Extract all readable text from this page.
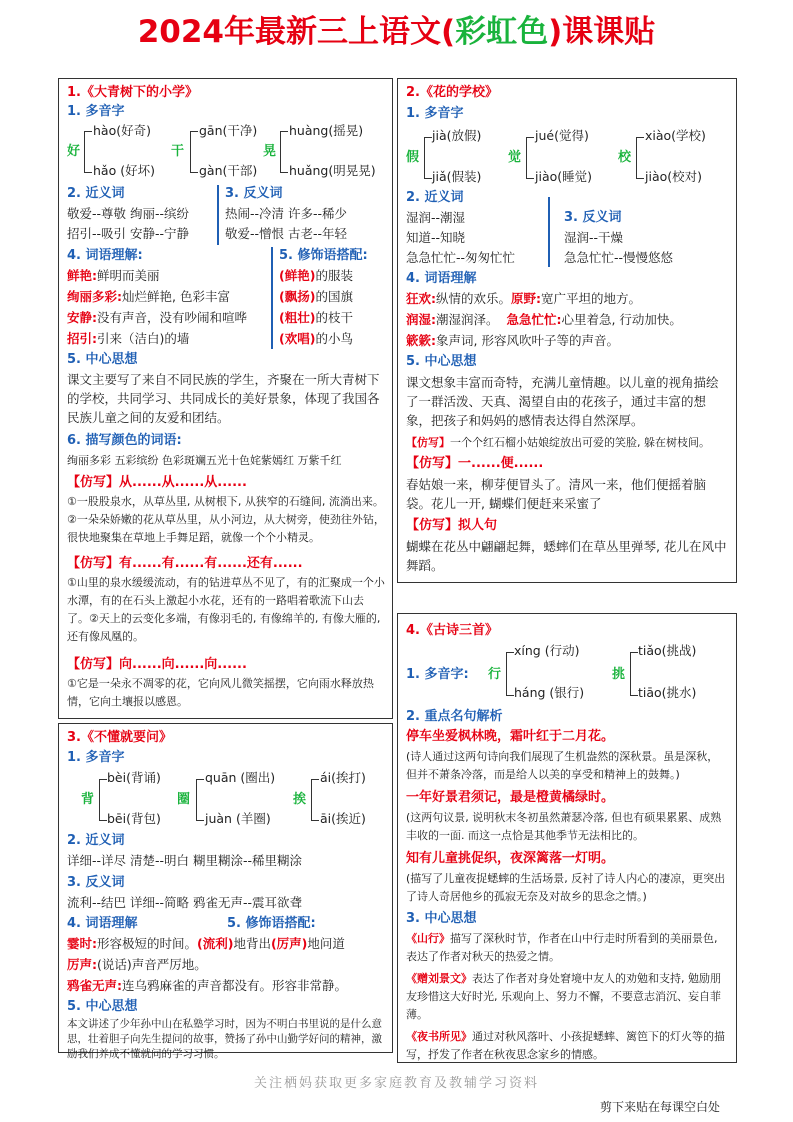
2024年最新三上语文(彩虹色)课课贴
1.《大青树下的小学》
1. 多音字
好
hào(好奇)
hǎo (好坏)
干
gān(干净)
gàn(干部)
晃
huàng(摇晃)
huǎng(明晃晃)
2. 近义词
敬爱--尊敬 绚丽--缤纷
招引--吸引 安静--宁静
3. 反义词
热闹--冷清 许多--稀少
敬爱--憎恨 古老--年轻
4. 词语理解:
鲜艳:鲜明而美丽
绚丽多彩:灿烂鲜艳, 色彩丰富
安静:没有声音，没有吵闹和喧哗
招引:引来（洁白)的墙
5. 修饰语搭配:
(鲜艳)的服装
(飘扬)的国旗
(粗壮)的枝干
(欢唱)的小鸟
5. 中心思想
课文主要写了来自不同民族的学生，齐聚在一所大青树下的学校，共同学习、共同成长的美好景象，体现了我国各民族儿童之间的友爱和团结。
6. 描写颜色的词语:
绚丽多彩 五彩缤纷 色彩斑斓五光十色姹紫嫣红 万紫千红
【仿写】从......从......从......
①一股股泉水，从草丛里, 从树根下, 从狭窄的石缝间, 流淌出来。②一朵朵娇嫩的花从草丛里，从小河边，从大树旁，使劲往外钻，很快地聚集在草地上手舞足蹈，就像一个个小精灵。
【仿写】有......有......有......还有......
①山里的泉水缓缓流动，有的钻进草丛不见了，有的汇聚成一个小水潭，有的在石头上激起小水花，还有的一路唱着歌流下山去了。②天上的云变化多端，有像羽毛的, 有像绵羊的, 有像大雁的, 还有像凤凰的。
【仿写】向......向......向......
①它是一朵永不凋零的花，它向风儿微笑摇摆，它向雨水释放热情，它向土壤报以感恩。
2.《花的学校》
1. 多音字
假
jià(放假)
jiǎ(假装)
觉
jué(觉得)
jiào(睡觉)
校
xiào(学校)
jiào(校对)
2. 近义词
湿润--潮湿
知道--知晓
急急忙忙--匆匆忙忙
3. 反义词
湿润--干燥
急急忙忙--慢慢悠悠
4. 词语理解
狂欢:纵情的欢乐。原野:宽广平坦的地方。
润湿:潮湿润泽。 急急忙忙:心里着急, 行动加快。
簌簌:象声词, 形容风吹叶子等的声音。
5. 中心思想
课文想象丰富而奇特，充满儿童情趣。以儿童的视角描绘了一群活泼、天真、渴望自由的花孩子，通过丰富的想象，把孩子和妈妈的感情表达得自然深厚。
【仿写】一个个红石榴小姑娘绽放出可爱的笑脸, 躲在树枝间。
【仿写】一......便......
春姑娘一来，柳芽便冒头了。清风一来，他们便摇着脑袋。花儿一开, 蝴蝶们便赶来采蜜了
【仿写】拟人句
蝴蝶在花丛中翩翩起舞，蟋蟀们在草丛里弹琴, 花儿在风中舞蹈。
3.《不懂就要问》
1. 多音字
背
bèi(背诵)
bēi(背包)
圈
quān (圈出)
juàn (羊圈)
挨
ái(挨打)
āi(挨近)
2. 近义词
详细--详尽 清楚--明白 糊里糊涂--稀里糊涂
3. 反义词
流利--结巴 详细--简略 鸦雀无声--震耳欲聋
4. 词语理解	5. 修饰语搭配:
霎时:形容极短的时间。(流利)地背出(厉声)地问道
厉声:(说话)声音严厉地。
鸦雀无声:连乌鸦麻雀的声音都没有。形容非常静。
5. 中心思想
本文讲述了少年孙中山在私塾学习时，因为不明白书里说的是什么意思，壮着胆子向先生提问的故事，赞扬了孙中山勤学好问的精神，激励我们养成不懂就问的学习习惯。
4.《古诗三首》
1. 多音字: 行
xíng (行动)
háng (银行)
挑
tiǎo(挑战)
tiāo(挑水)
2. 重点名句解析
停车坐爱枫林晚，霜叶红于二月花。
(诗人通过这两句诗向我们展现了生机盎然的深秋景。虽是深秋，但并不萧条冷落，而是给人以美的享受和精神上的鼓舞。)
一年好景君须记，最是橙黄橘绿时。
(这两句议景, 说明秋末冬初虽然萧瑟冷落, 但也有硕果累累、成熟丰收的一面. 而这一点恰是其他季节无法相比的。
知有儿童挑促织，夜深篱落一灯明。
(描写了儿童夜捉蟋蟀的生活场景, 反衬了诗人内心的凄凉，更突出了诗人奇居他乡的孤寂无奈及对故乡的思念之情。)
3. 中心思想
《山行》描写了深秋时节，作者在山中行走时所看到的美丽景色, 表达了作者对秋天的热爱之情。
《赠刘景文》表达了作者对身处窘境中友人的劝勉和支持, 勉励朋友珍惜这大好时光, 乐观向上、努力不懈，不要意志消沉、妄自菲薄。
《夜书所见》通过对秋风落叶、小孩捉蟋蟀、篱笆下的灯火等的描写，抒发了作者在秋夜思念家乡的情感。
关注栖妈获取更多家庭教育及教辅学习资料
剪下来贴在每课空白处
